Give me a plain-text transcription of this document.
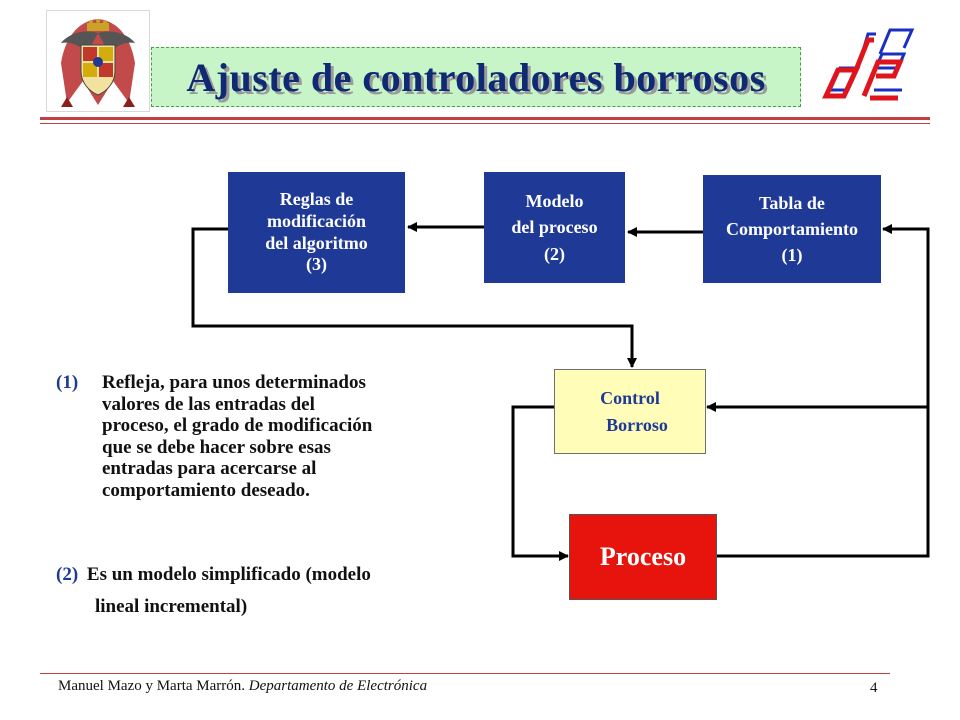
Ajuste de controladores borrosos
Reglas de
modificación
del algoritmo
(3)
Modelo
del proceso
(2)
Tabla de
Comportamiento
(1)
Control
Borroso
Proceso
(1) Refleja, para unos determinados
valores de las entradas del
proceso, el grado de modificación
que se debe hacer sobre esas
entradas para acercarse al
comportamiento deseado.
(2) Es un modelo simplificado (modelo
lineal incremental)
Manuel Mazo y Marta Marrón. Departamento de Electrónica	4
